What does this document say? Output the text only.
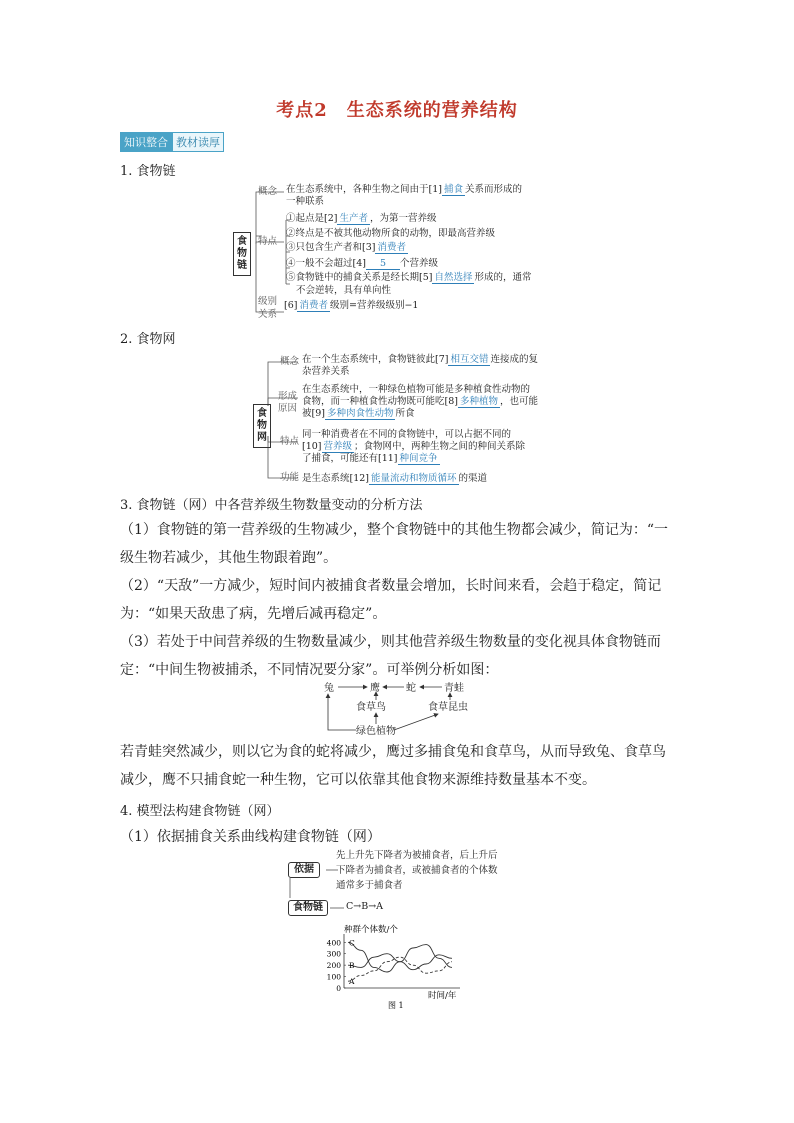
考点2　生态系统的营养结构
知识整合 教材读厚
1. 食物链
食物链
概念 在生态系统中，各种生物之间由于[1] 捕食 关系而形成的
一种联系
特点
①起点是[2] 生产者 ，为第一营养级
②终点是不被其他动物所食的动物，即最高营养级
③只包含生产者和[3] 消费者
④一般不会超过[4] 5 个营养级
⑤食物链中的捕食关系是经长期[5] 自然选择 形成的，通常
不会逆转，具有单向性
级别
关系
[6] 消费者 级别=营养级级别−1
2. 食物网
食物网
概念 在一个生态系统中，食物链彼此[7] 相互交错 连接成的复
杂营养关系
形成
原因
在生态系统中，一种绿色植物可能是多种植食性动物的
食物，而一种植食性动物既可能吃[8] 多种植物 ，也可能
被[9] 多种肉食性动物 所食
特点
同一种消费者在不同的食物链中，可以占据不同的
[10] 营养级 ；食物网中，两种生物之间的种间关系除
了捕食，可能还有[11] 种间竞争
功能 是生态系统[12] 能量流动和物质循环 的渠道
3. 食物链（网）中各营养级生物数量变动的分析方法
（1）食物链的第一营养级的生物减少，整个食物链中的其他生物都会减少，简记为：“一
级生物若减少，其他生物跟着跑”。
（2）“天敌”一方减少，短时间内被捕食者数量会增加，长时间来看，会趋于稳定，简记
为：“如果天敌患了病，先增后减再稳定”。
（3）若处于中间营养级的生物数量减少，则其他营养级生物数量的变化视具体食物链而
定：“中间生物被捕杀，不同情况要分家”。可举例分析如图：
兔	鹰	蛇	青蛙
食草鸟	食草昆虫
绿色植物
若青蛙突然减少，则以它为食的蛇将减少，鹰过多捕食兔和食草鸟，从而导致兔、食草鸟
减少，鹰不只捕食蛇一种生物，它可以依靠其他食物来源维持数量基本不变。
4. 模型法构建食物链（网）
（1）依据捕食关系曲线构建食物链（网）
依据
先上升先下降者为被捕食者，后上升后
下降者为捕食者，或被捕食者的个体数
通常多于捕食者
食物链	C→B→A
0
100
200
300
400 C
B
A
种群个体数/个
时间/年
图 1
